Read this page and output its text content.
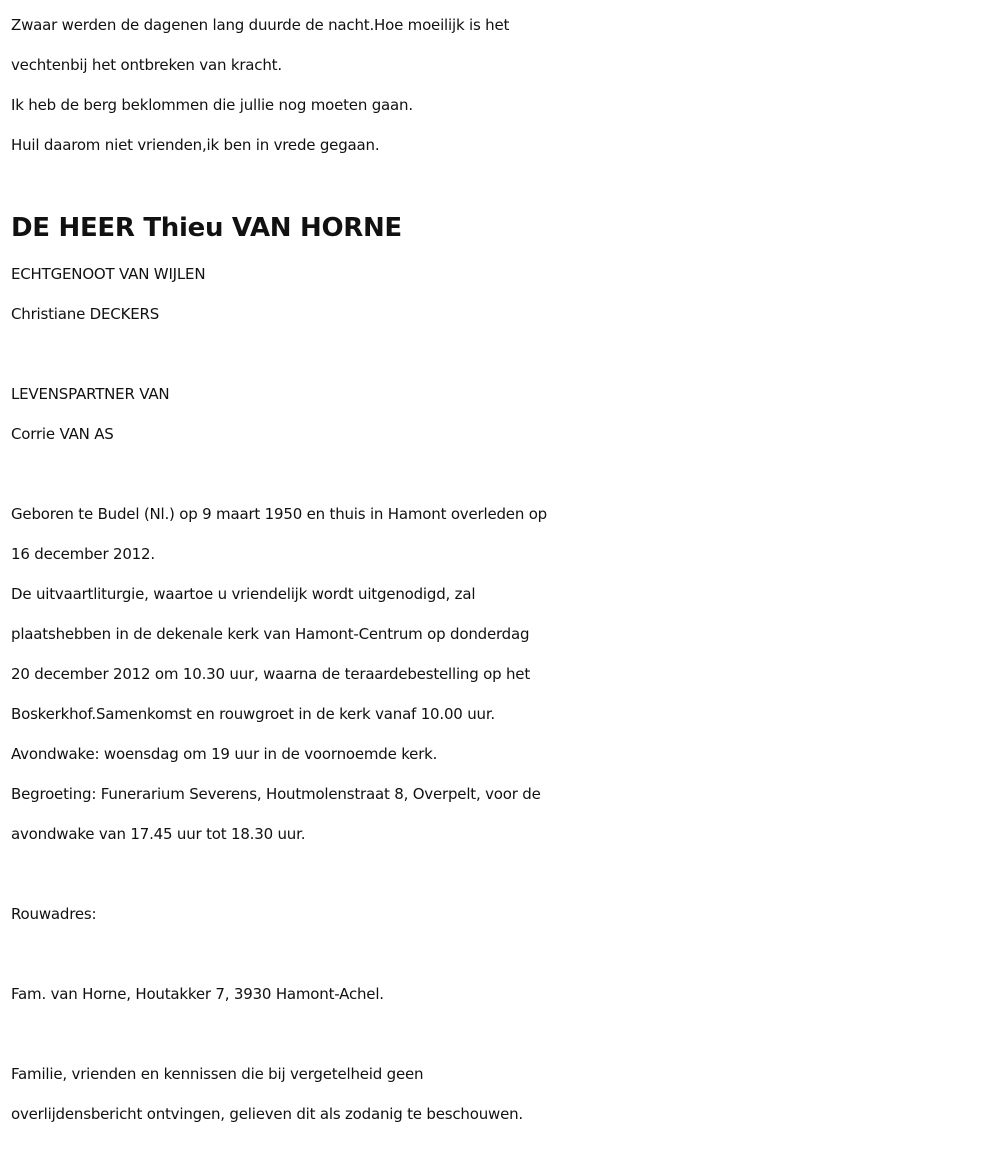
Zwaar werden de dagenen lang duurde de nacht.Hoe moeilijk is het
vechtenbij het ontbreken van kracht.
Ik heb de berg beklommen die jullie nog moeten gaan.
Huil daarom niet vrienden,ik ben in vrede gegaan.
DE HEER Thieu VAN HORNE
ECHTGENOOT VAN WIJLEN
Christiane DECKERS
LEVENSPARTNER VAN
Corrie VAN AS
Geboren te Budel (Nl.) op 9 maart 1950 en thuis in Hamont overleden op
16 december 2012.
De uitvaartliturgie, waartoe u vriendelijk wordt uitgenodigd, zal
plaatshebben in de dekenale kerk van Hamont-Centrum op donderdag
20 december 2012 om 10.30 uur, waarna de teraardebestelling op het
Boskerkhof.Samenkomst en rouwgroet in de kerk vanaf 10.00 uur.
Avondwake: woensdag om 19 uur in de voornoemde kerk.
Begroeting: Funerarium Severens, Houtmolenstraat 8, Overpelt, voor de
avondwake van 17.45 uur tot 18.30 uur.
Rouwadres:
Fam. van Horne, Houtakker 7, 3930 Hamont-Achel.
Familie, vrienden en kennissen die bij vergetelheid geen
overlijdensbericht ontvingen, gelieven dit als zodanig te beschouwen.
